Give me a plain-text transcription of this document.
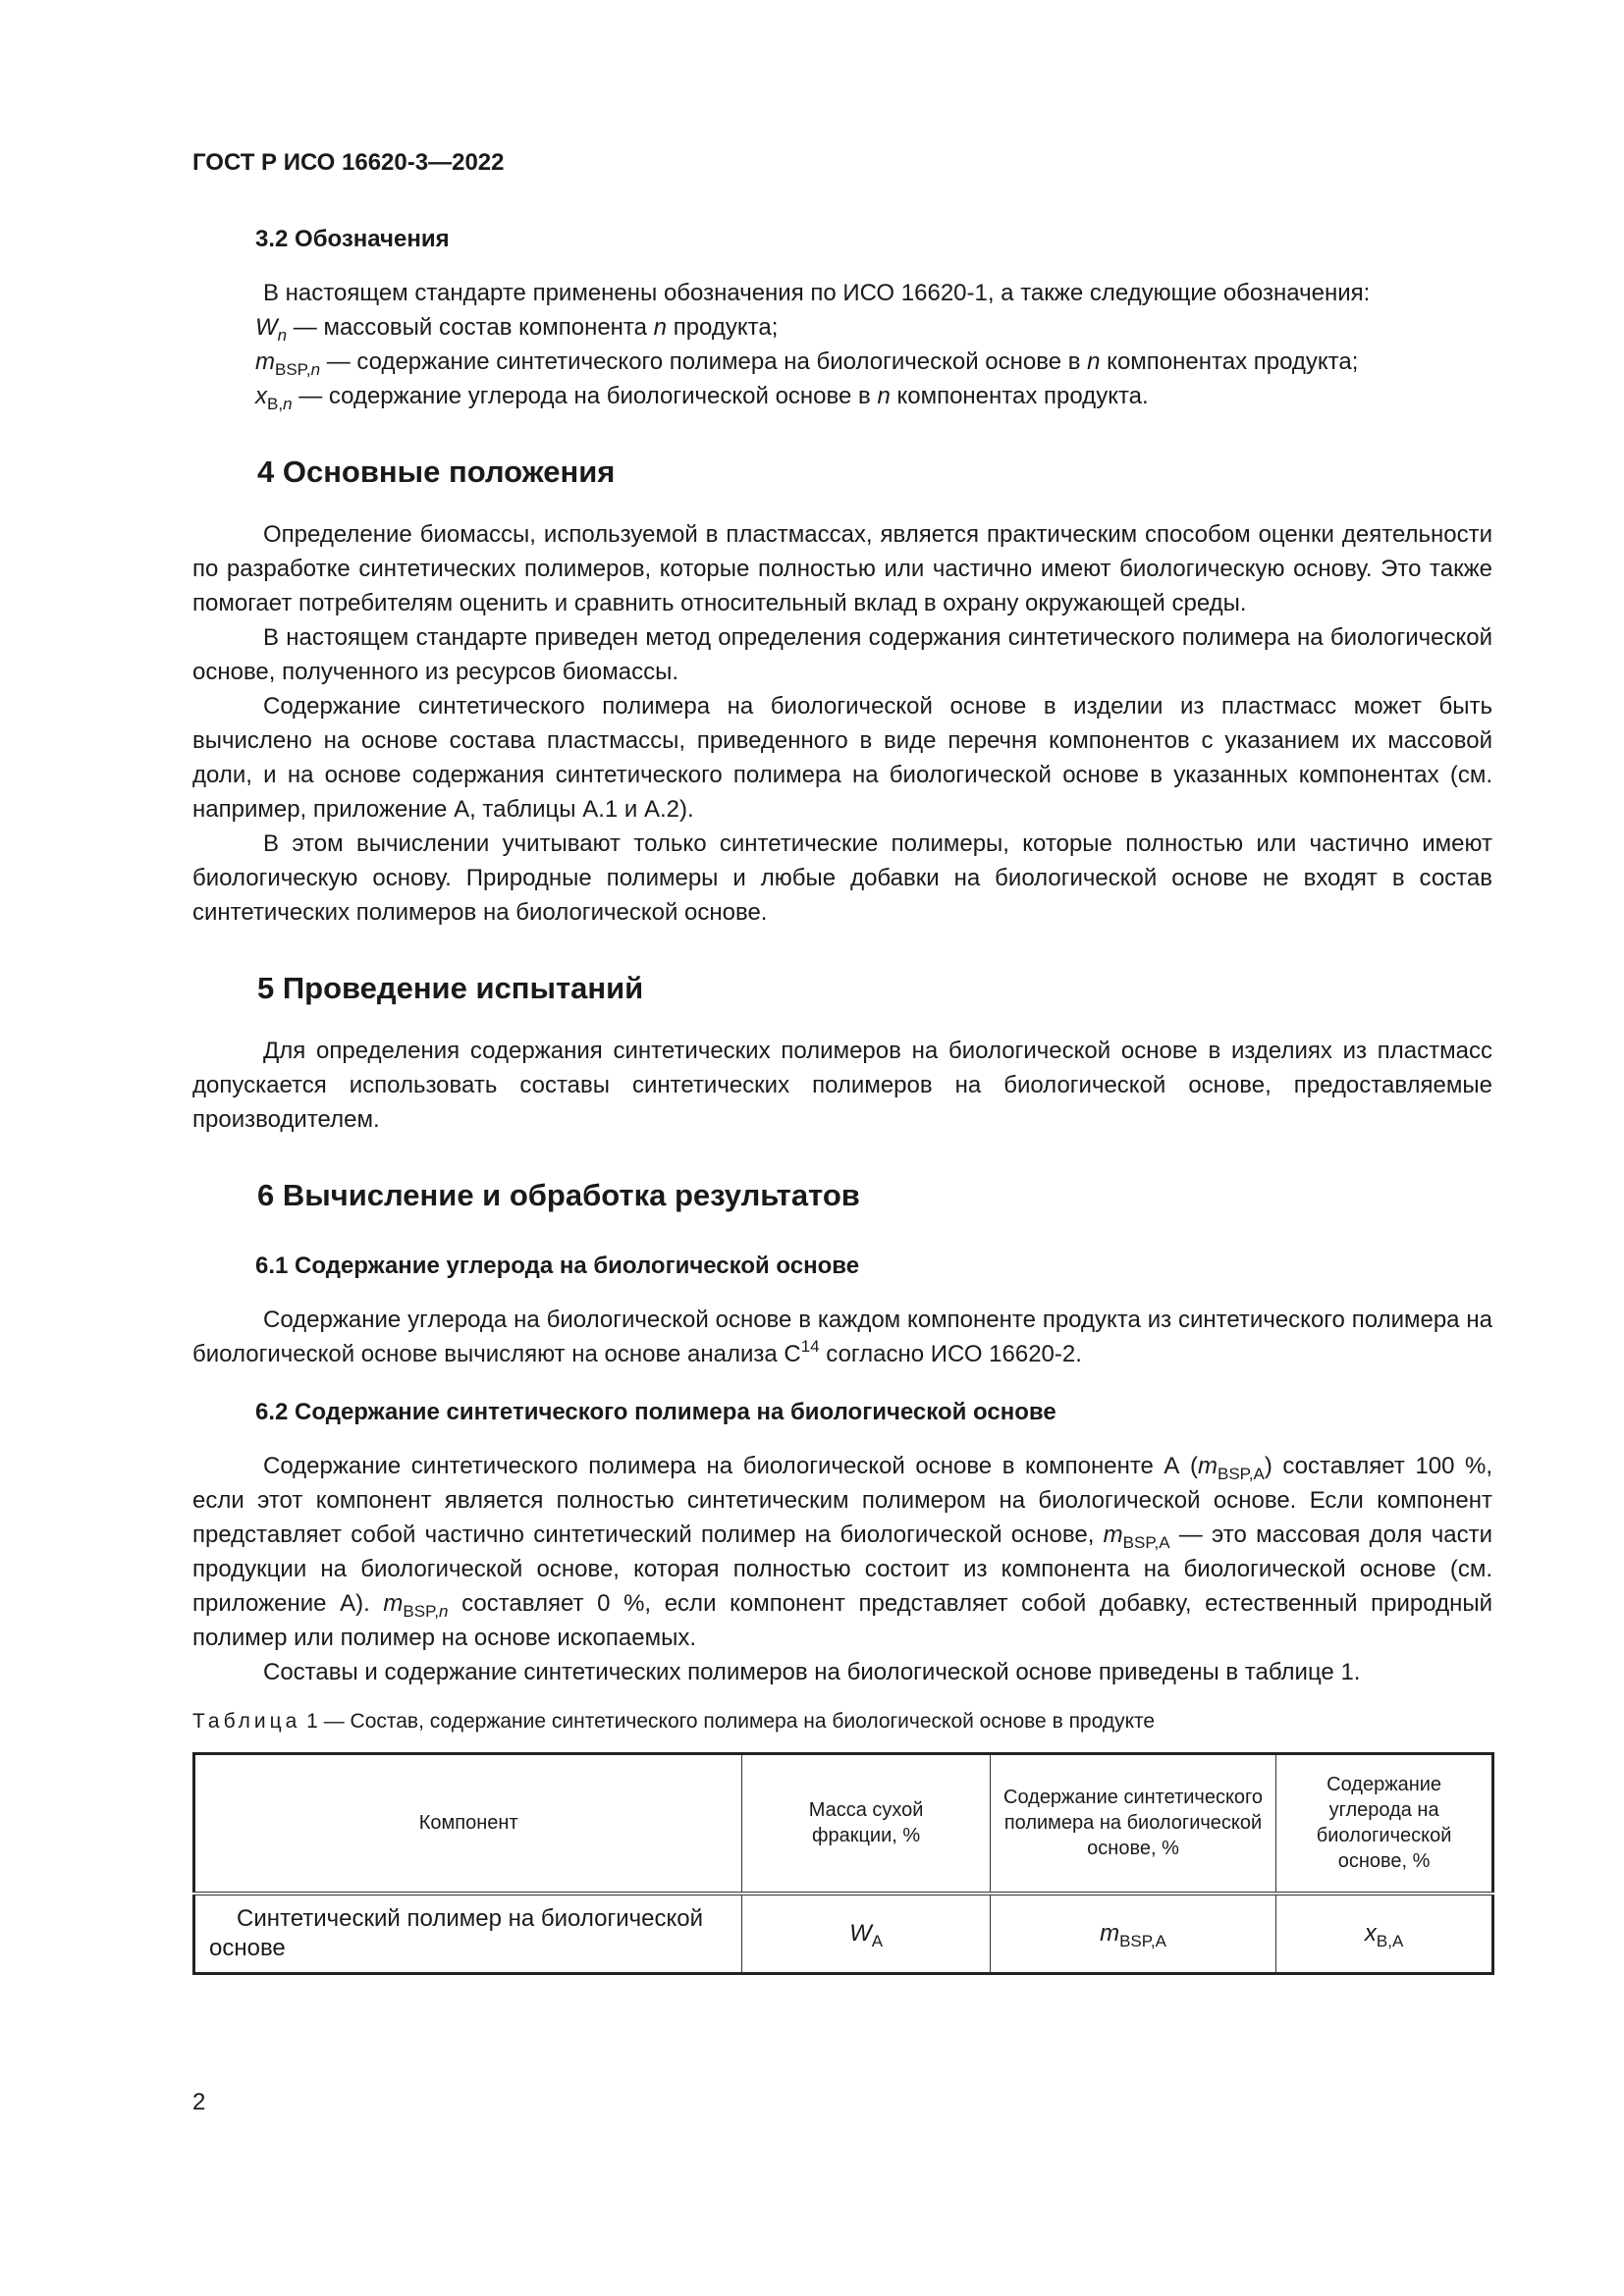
ГОСТ Р ИСО 16620-3—2022
3.2 Обозначения

В настоящем стандарте применены обозначения по ИСО 16620-1, а также следующие обозначения:

$W_n$ — массовый состав компонента n продукта;

$m_{BSP,n}$ — содержание синтетического полимера на биологической основе в n компонентах продукта;

$x_{B,n}$ — содержание углерода на биологической основе в n компонентах продукта.

4 Основные положения

Определение биомассы, используемой в пластмассах, является практическим способом оценки деятельности по разработке синтетических полимеров, которые полностью или частично имеют биологическую основу. Это также помогает потребителям оценить и сравнить относительный вклад в охрану окружающей среды.

В настоящем стандарте приведен метод определения содержания синтетического полимера на биологической основе, полученного из ресурсов биомассы.

Содержание синтетического полимера на биологической основе в изделии из пластмасс может быть вычислено на основе состава пластмассы, приведенного в виде перечня компонентов с указанием их массовой доли, и на основе содержания синтетического полимера на биологической основе в указанных компонентах (см. например, приложение А, таблицы А.1 и А.2).

В этом вычислении учитывают только синтетические полимеры, которые полностью или частично имеют биологическую основу. Природные полимеры и любые добавки на биологической основе не входят в состав синтетических полимеров на биологической основе.

5 Проведение испытаний

Для определения содержания синтетических полимеров на биологической основе в изделиях из пластмасс допускается использовать составы синтетических полимеров на биологической основе, предоставляемые производителем.

6 Вычисление и обработка результатов
6.1 Содержание углерода на биологической основе

Содержание углерода на биологической основе в каждом компоненте продукта из синтетического полимера на биологической основе вычисляют на основе анализа $С^{14}$ согласно ИСО 16620-2.

6.2 Содержание синтетического полимера на биологической основе

Содержание синтетического полимера на биологической основе в компоненте А $(m_{BSP,A})$ составляет 100 %, если этот компонент является полностью синтетическим полимером на биологической основе. Если компонент представляет собой частично синтетический полимер на биологической основе, $m_{BSP,A}$ — это массовая доля части продукции на биологической основе, которая полностью состоит из компонента на биологической основе (см. приложение А). $m_{BSP,n}$ составляет 0 %, если компонент представляет собой добавку, естественный природный полимер или полимер на основе ископаемых.

Составы и содержание синтетических полимеров на биологической основе приведены в таблице 1.

Таблица 1 — Состав, содержание синтетического полимера на биологической основе в продукте
Компонент	Масса сухой фракции, %	Содержание синтетического полимера на биологической основе, %	Содержание углерода на биологической основе, %
Синтетический полимер на биологической основе	$W_A$	$m_{BSP,A}$	$x_{B,A}$
2
